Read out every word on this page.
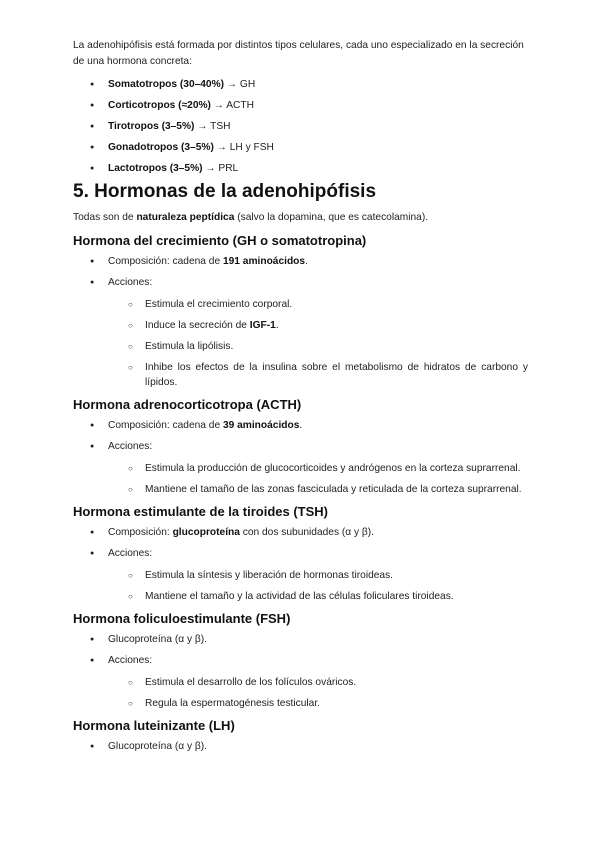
La adenohipófisis está formada por distintos tipos celulares, cada uno especializado en la secreción de una hormona concreta:

● Somatotropos (30–40%) → GH
● Corticotropos (≈20%) → ACTH
● Tirotropos (3–5%) → TSH
● Gonadotropos (3–5%) → LH y FSH
● Lactotropos (3–5%) → PRL
5. Hormonas de la adenohipófisis

Todas son de naturaleza peptídica (salvo la dopamina, que es catecolamina).

Hormona del crecimiento (GH o somatotropina)
● Composición: cadena de 191 aminoácidos.
● Acciones:
○ Estimula el crecimiento corporal.
○ Induce la secreción de IGF-1.
○ Estimula la lipólisis.
○ Inhibe los efectos de la insulina sobre el metabolismo de hidratos de carbono y lípidos.
Hormona adrenocorticotropa (ACTH)
● Composición: cadena de 39 aminoácidos.
● Acciones:
○ Estimula la producción de glucocorticoides y andrógenos en la corteza suprarrenal.
○ Mantiene el tamaño de las zonas fasciculada y reticulada de la corteza suprarrenal.
Hormona estimulante de la tiroides (TSH)
● Composición: glucoproteína con dos subunidades (α y β).
● Acciones:
○ Estimula la síntesis y liberación de hormonas tiroideas.
○ Mantiene el tamaño y la actividad de las células foliculares tiroideas.
Hormona foliculoestimulante (FSH)
● Glucoproteína (α y β).
● Acciones:
○ Estimula el desarrollo de los folículos ováricos.
○ Regula la espermatogénesis testicular.
Hormona luteinizante (LH)
● Glucoproteína (α y β).
